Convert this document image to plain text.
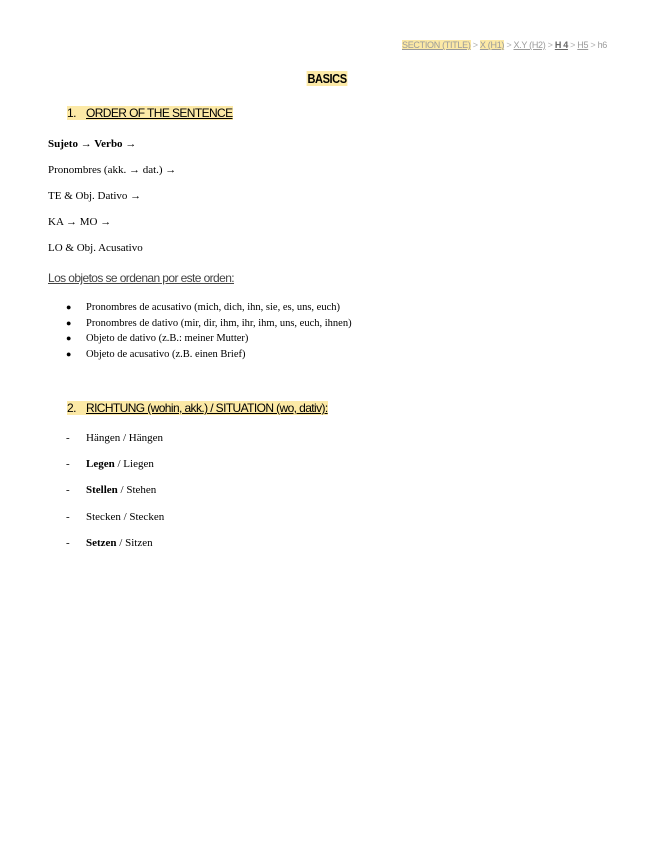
SECTION (TITLE) > X (H1) > X.Y (H2) > H 4 > H5 > h6
BASICS
1. ORDER OF THE SENTENCE
Sujeto → Verbo →
Pronombres (akk. → dat.) →
TE & Obj. Dativo →
KA → MO →
LO & Obj. Acusativo
Los objetos se ordenan por este orden:
● Pronombres de acusativo (mich, dich, ihn, sie, es, uns, euch)
● Pronombres de dativo (mir, dir, ihm, ihr, ihm, uns, euch, ihnen)
● Objeto de dativo (z.B.: meiner Mutter)
● Objeto de acusativo (z.B. einen Brief)
2. RICHTUNG (wohin, akk.) / SITUATION (wo, dativ):
- Hängen / Hängen
- Legen / Liegen
- Stellen / Stehen
- Stecken / Stecken
- Setzen / Sitzen
